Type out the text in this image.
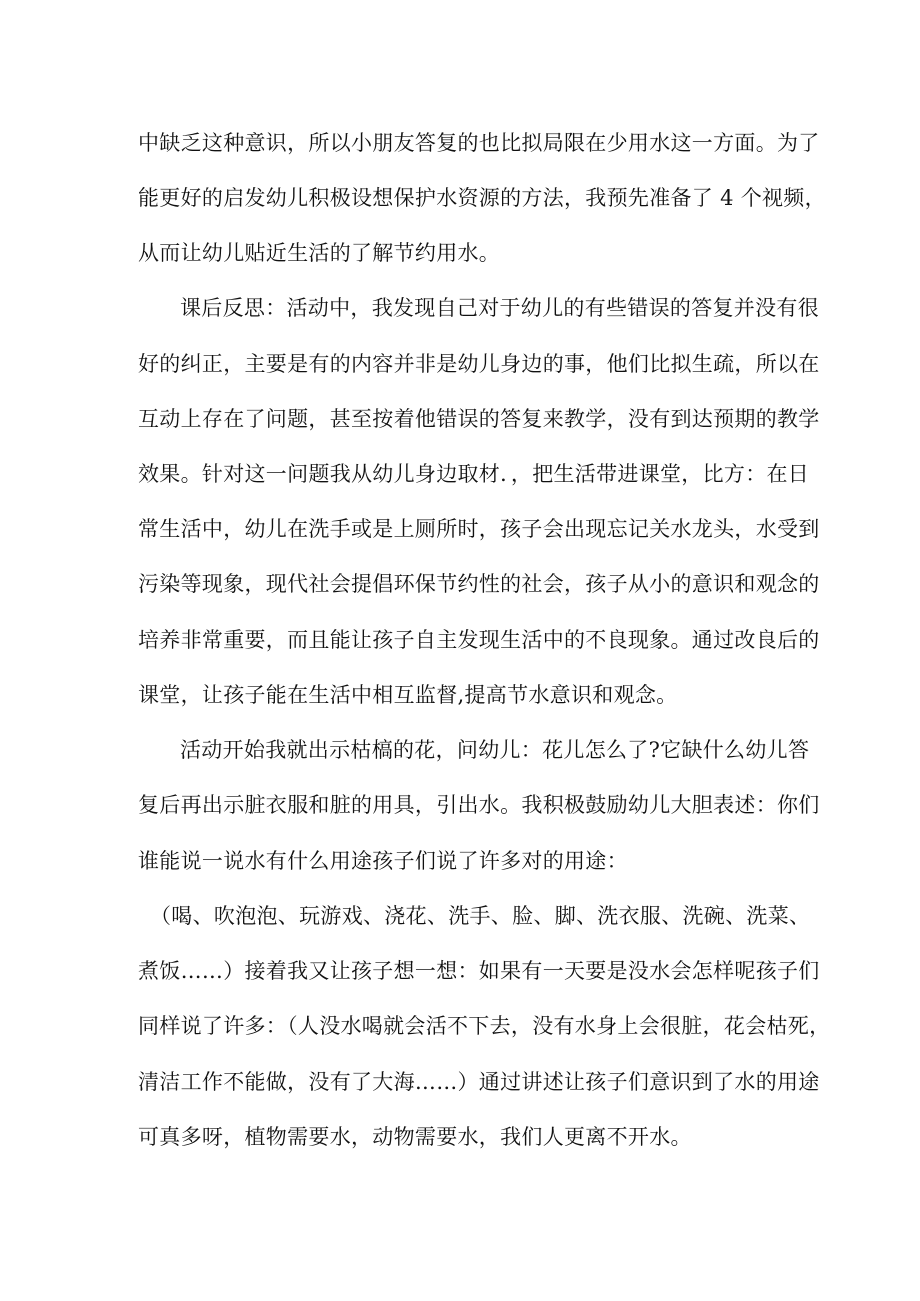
中缺乏这种意识，所以小朋友答复的也比拟局限在少用水这一方面。为了
能更好的启发幼儿积极设想保护水资源的方法，我预先准备了 4 个视频，
从而让幼儿贴近生活的了解节约用水。
课后反思：活动中，我发现自己对于幼儿的有些错误的答复并没有很
好的纠正，主要是有的内容并非是幼儿身边的事，他们比拟生疏，所以在
互动上存在了问题，甚至按着他错误的答复来教学，没有到达预期的教学
效果。针对这一问题我从幼儿身边取材．，把生活带进课堂，比方：在日
常生活中，幼儿在洗手或是上厕所时，孩子会出现忘记关水龙头，水受到
污染等现象，现代社会提倡环保节约性的社会，孩子从小的意识和观念的
培养非常重要，而且能让孩子自主发现生活中的不良现象。通过改良后的
课堂，让孩子能在生活中相互监督,提高节水意识和观念。
活动开始我就出示枯槁的花，问幼儿：花儿怎么了?它缺什么幼儿答
复后再出示脏衣服和脏的用具，引出水。我积极鼓励幼儿大胆表述：你们
谁能说一说水有什么用途孩子们说了许多对的用途：
（喝、吹泡泡、玩游戏、浇花、洗手、脸、脚、洗衣服、洗碗、洗菜、
煮饭……）接着我又让孩子想一想：如果有一天要是没水会怎样呢孩子们
同样说了许多：（人没水喝就会活不下去，没有水身上会很脏，花会枯死，
清洁工作不能做，没有了大海……）通过讲述让孩子们意识到了水的用途
可真多呀，植物需要水，动物需要水，我们人更离不开水。
